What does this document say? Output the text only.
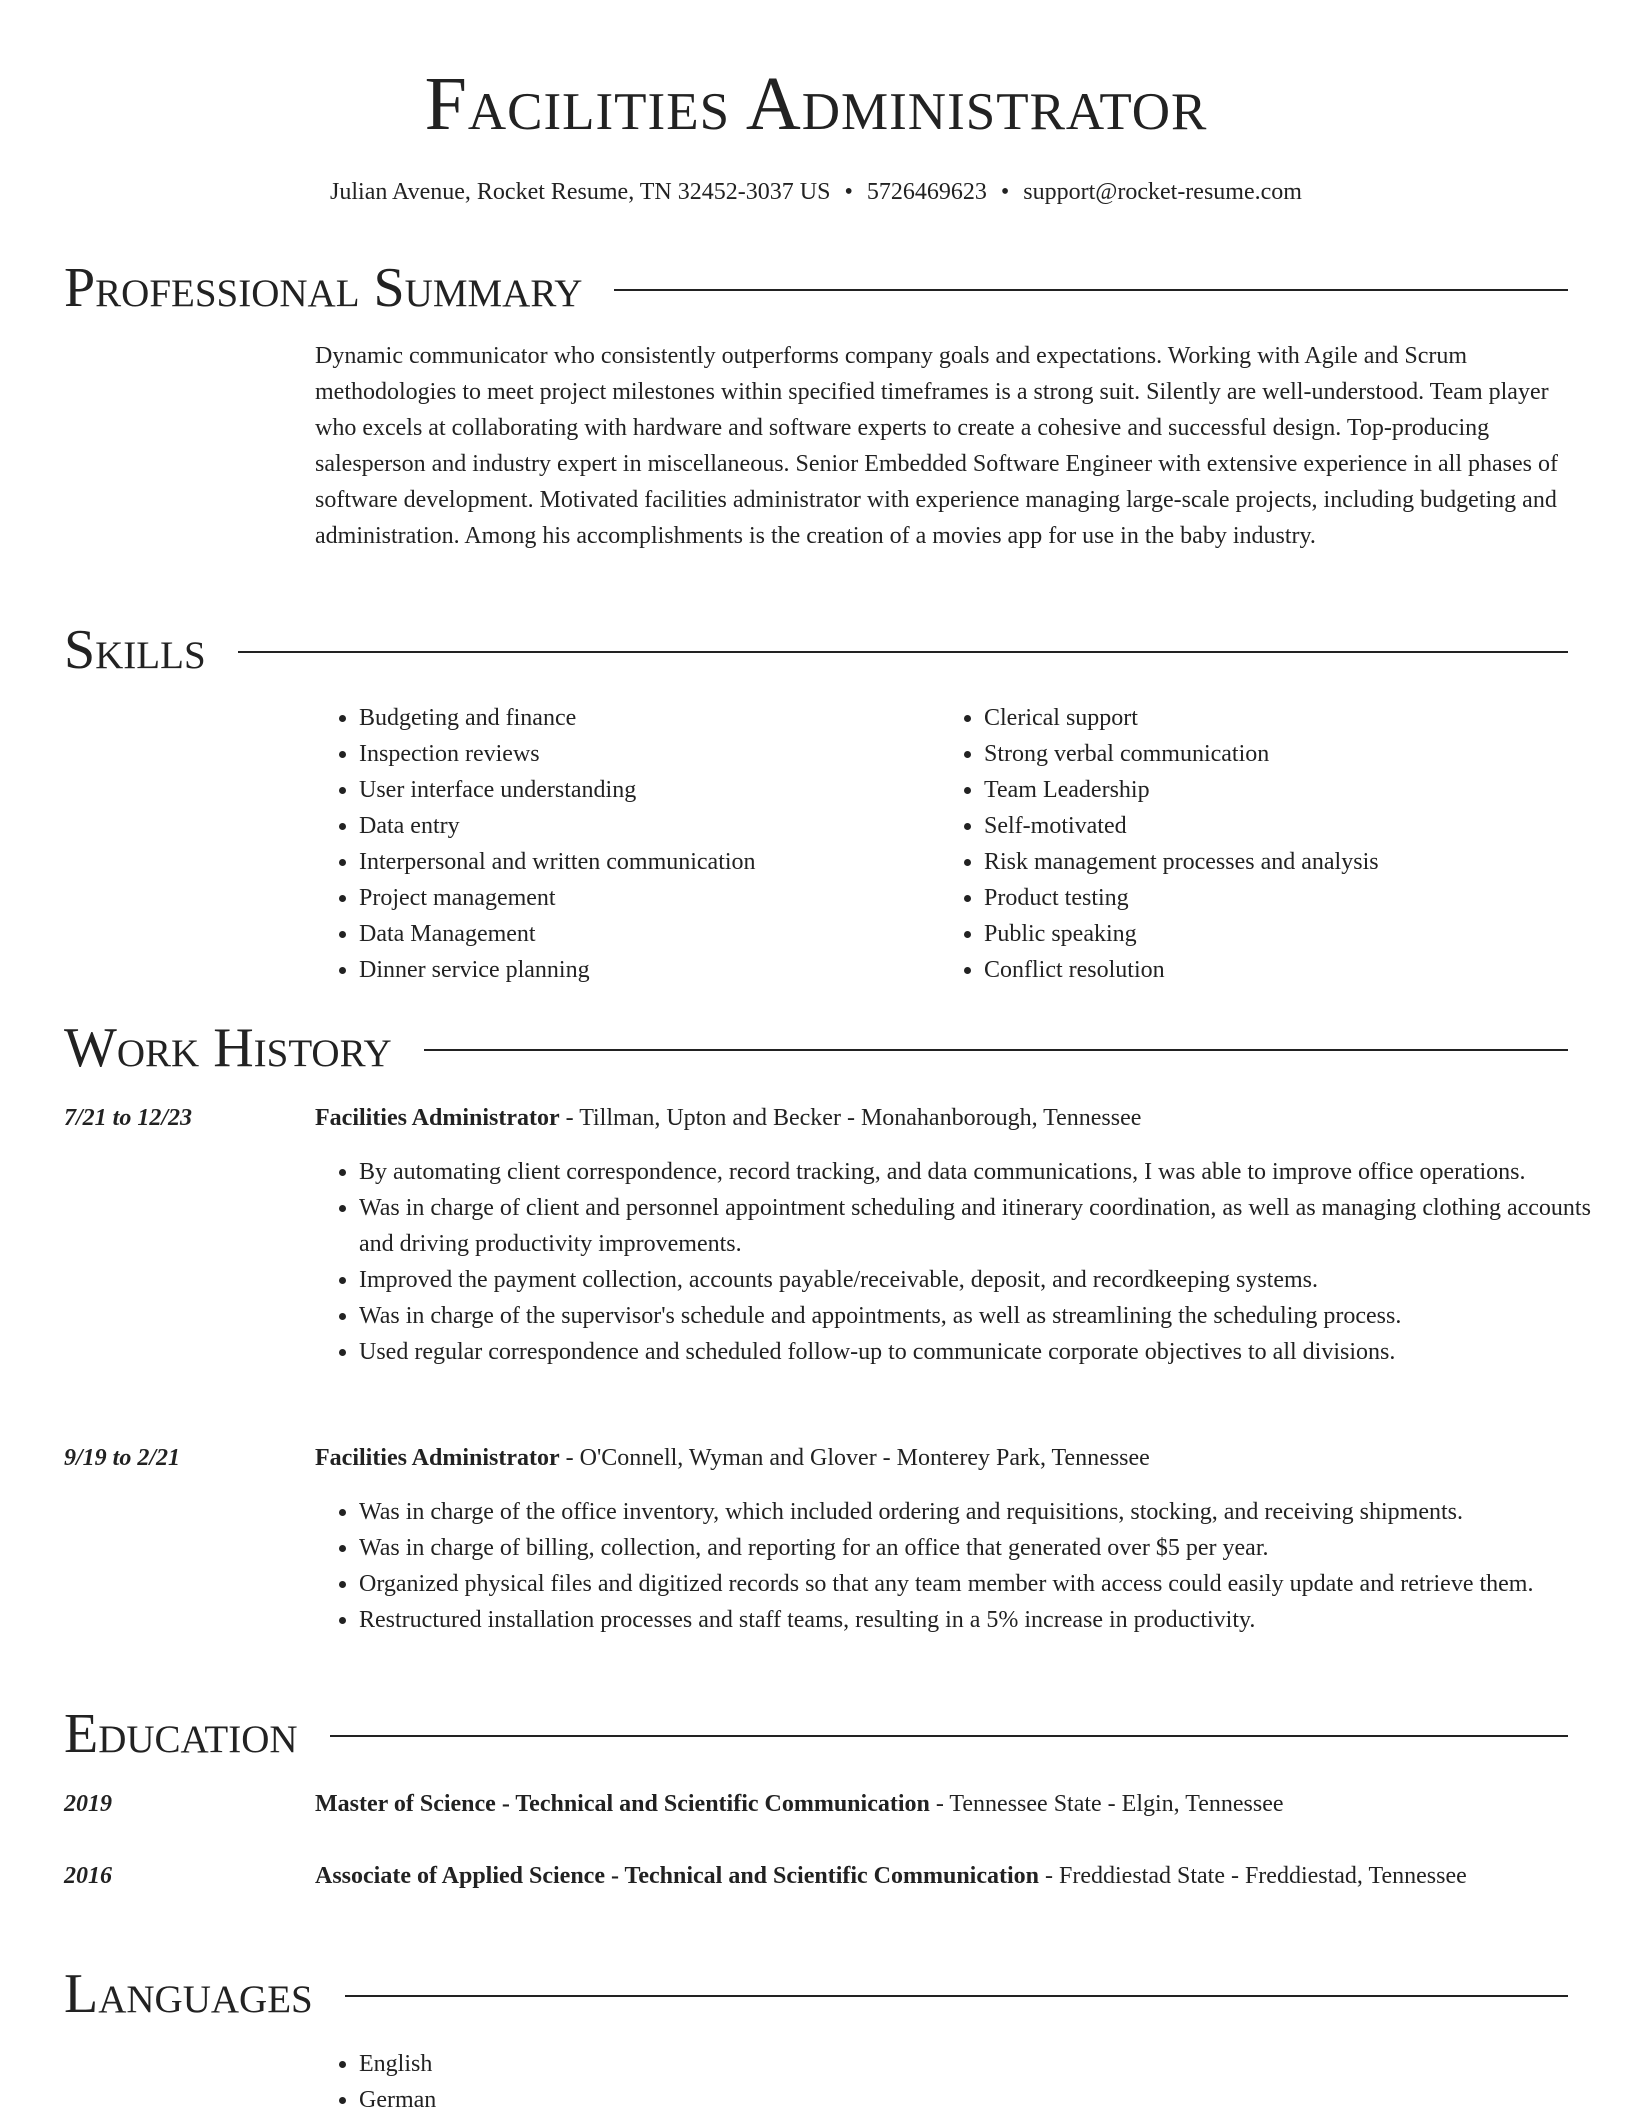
Facilities Administrator
Julian Avenue, Rocket Resume, TN 32452-3037 US • 5726469623 • support@rocket-resume.com
Professional Summary
Dynamic communicator who consistently outperforms company goals and expectations. Working with Agile and Scrum methodologies to meet project milestones within specified timeframes is a strong suit. Silently are well-understood. Team player who excels at collaborating with hardware and software experts to create a cohesive and successful design. Top-producing salesperson and industry expert in miscellaneous. Senior Embedded Software Engineer with extensive experience in all phases of software development. Motivated facilities administrator with experience managing large-scale projects, including budgeting and administration. Among his accomplishments is the creation of a movies app for use in the baby industry.
Skills
• Budgeting and finance
• Inspection reviews
• User interface understanding
• Data entry
• Interpersonal and written communication
• Project management
• Data Management
• Dinner service planning
• Clerical support
• Strong verbal communication
• Team Leadership
• Self-motivated
• Risk management processes and analysis
• Product testing
• Public speaking
• Conflict resolution
Work History
7/21 to 12/23	Facilities Administrator - Tillman, Upton and Becker - Monahanborough, Tennessee
• By automating client correspondence, record tracking, and data communications, I was able to improve office operations.
• Was in charge of client and personnel appointment scheduling and itinerary coordination, as well as managing clothing accounts and driving productivity improvements.
• Improved the payment collection, accounts payable/receivable, deposit, and recordkeeping systems.
• Was in charge of the supervisor's schedule and appointments, as well as streamlining the scheduling process.
• Used regular correspondence and scheduled follow-up to communicate corporate objectives to all divisions.
9/19 to 2/21	Facilities Administrator - O'Connell, Wyman and Glover - Monterey Park, Tennessee
• Was in charge of the office inventory, which included ordering and requisitions, stocking, and receiving shipments.
• Was in charge of billing, collection, and reporting for an office that generated over $5 per year.
• Organized physical files and digitized records so that any team member with access could easily update and retrieve them.
• Restructured installation processes and staff teams, resulting in a 5% increase in productivity.
Education
2019	Master of Science - Technical and Scientific Communication - Tennessee State - Elgin, Tennessee
2016	Associate of Applied Science - Technical and Scientific Communication - Freddiestad State - Freddiestad, Tennessee
Languages
• English
• German
